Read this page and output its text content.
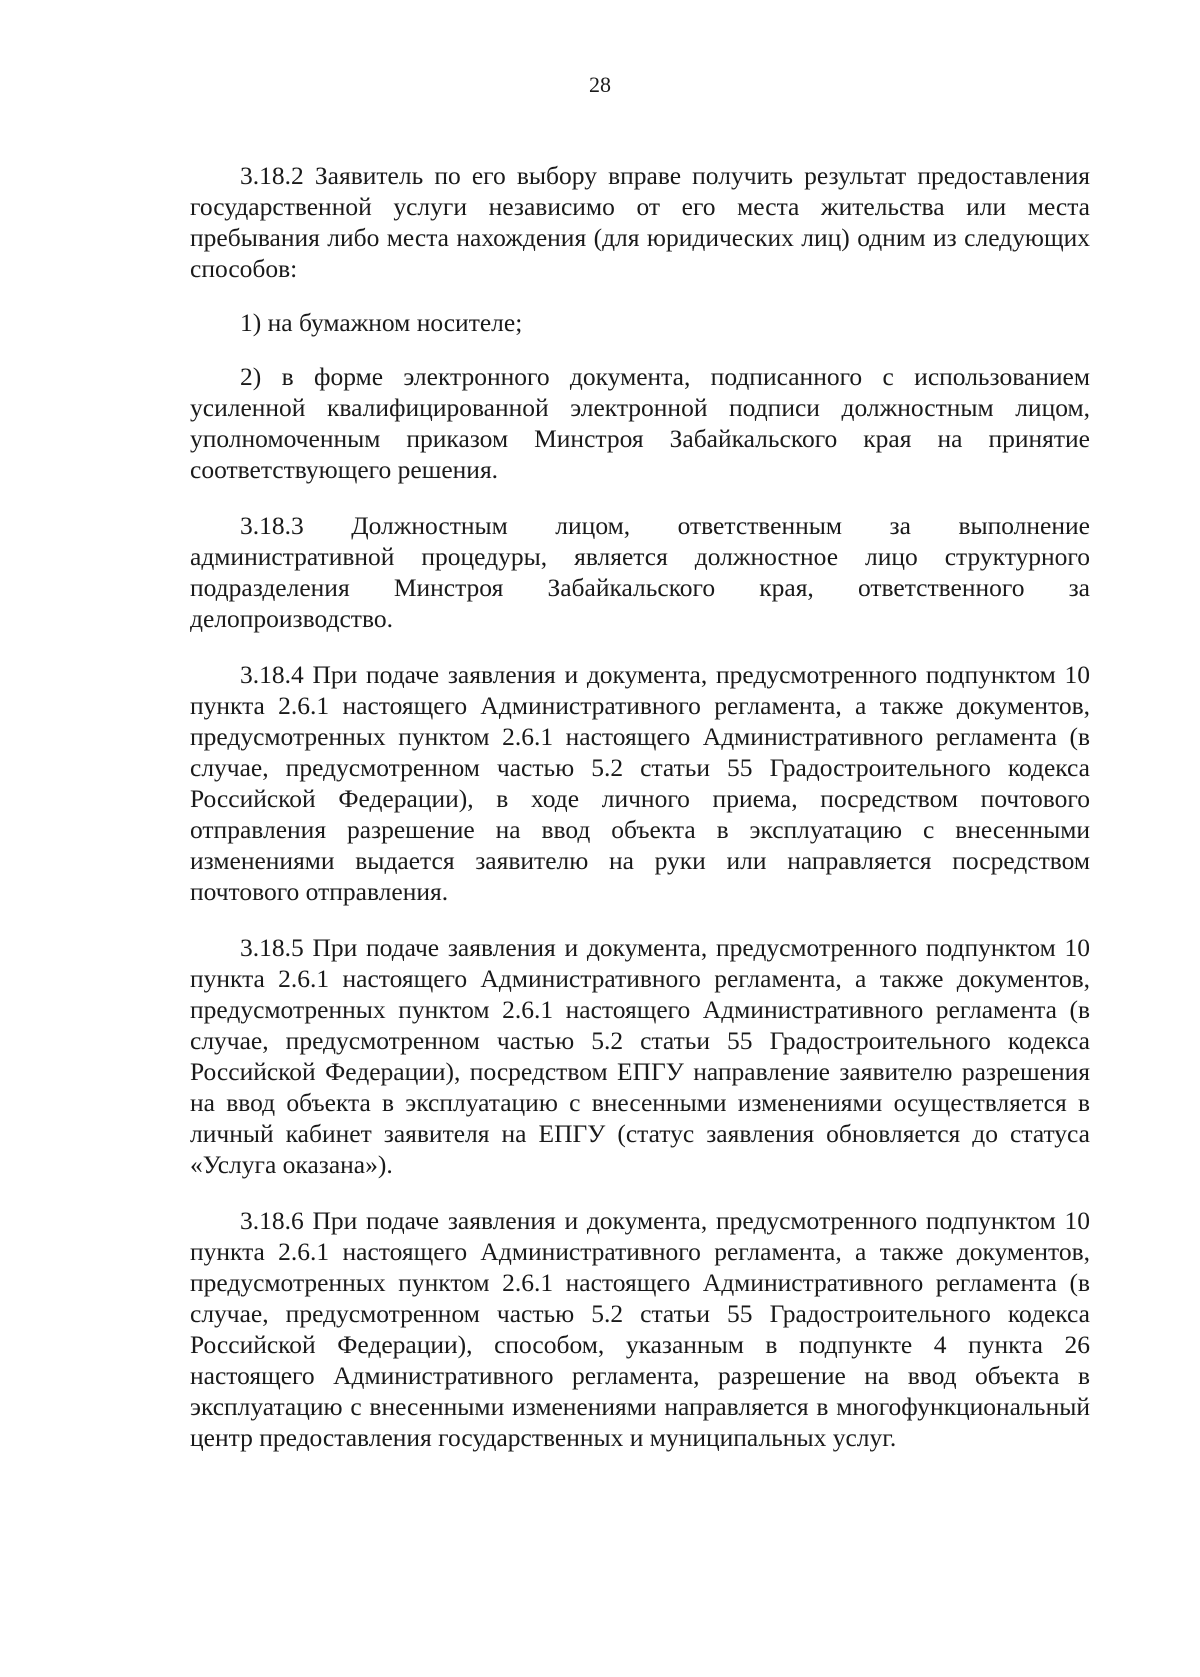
28

3.18.2 Заявитель по его выбору вправе получить результат предоставления государственной услуги независимо от его места жительства или места пребывания либо места нахождения (для юридических лиц) одним из следующих способов:

1) на бумажном носителе;

2) в форме электронного документа, подписанного с использованием усиленной квалифицированной электронной подписи должностным лицом, уполномоченным приказом Минстроя Забайкальского края на принятие соответствующего решения.

3.18.3 Должностным лицом, ответственным за выполнение административной процедуры, является должностное лицо структурного подразделения Минстроя Забайкальского края, ответственного за делопроизводство.

3.18.4 При подаче заявления и документа, предусмотренного подпунктом 10 пункта 2.6.1 настоящего Административного регламента, а также документов, предусмотренных пунктом 2.6.1 настоящего Административного регламента (в случае, предусмотренном частью 5.2 статьи 55 Градостроительного кодекса Российской Федерации), в ходе личного приема, посредством почтового отправления разрешение на ввод объекта в эксплуатацию с внесенными изменениями выдается заявителю на руки или направляется посредством почтового отправления.

3.18.5 При подаче заявления и документа, предусмотренного подпунктом 10 пункта 2.6.1 настоящего Административного регламента, а также документов, предусмотренных пунктом 2.6.1 настоящего Административного регламента (в случае, предусмотренном частью 5.2 статьи 55 Градостроительного кодекса Российской Федерации), посредством ЕПГУ направление заявителю разрешения на ввод объекта в эксплуатацию с внесенными изменениями осуществляется в личный кабинет заявителя на ЕПГУ (статус заявления обновляется до статуса «Услуга оказана»).

3.18.6 При подаче заявления и документа, предусмотренного подпунктом 10 пункта 2.6.1 настоящего Административного регламента, а также документов, предусмотренных пунктом 2.6.1 настоящего Административного регламента (в случае, предусмотренном частью 5.2 статьи 55 Градостроительного кодекса Российской Федерации), способом, указанным в подпункте 4 пункта 26 настоящего Административного регламента, разрешение на ввод объекта в эксплуатацию с внесенными изменениями направляется в многофункциональный центр предоставления государственных и муниципальных услуг.
